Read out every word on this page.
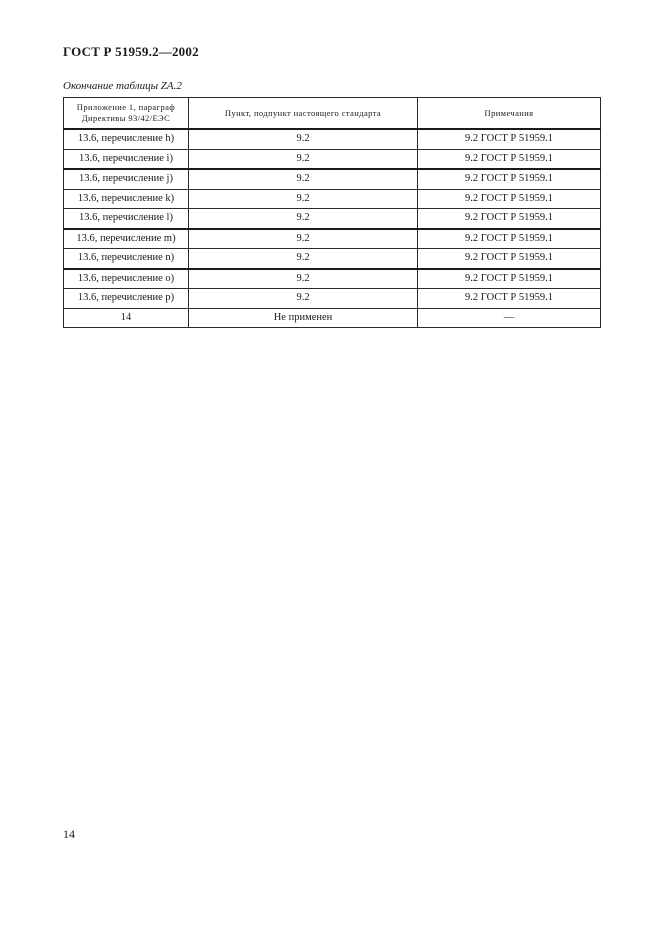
ГОСТ Р 51959.2—2002
Окончание таблицы ZA.2
Приложение 1, параграф
Директивы 93/42/ЕЭС	Пункт, подпункт настоящего стандарта	Примечания
13.6, перечисление h)	9.2	9.2 ГОСТ Р 51959.1
13.6, перечисление i)	9.2	9.2 ГОСТ Р 51959.1
13.6, перечисление j)	9.2	9.2 ГОСТ Р 51959.1
13.6, перечисление k)	9.2	9.2 ГОСТ Р 51959.1
13.6, перечисление l)	9.2	9.2 ГОСТ Р 51959.1
13.6, перечисление m)	9.2	9.2 ГОСТ Р 51959.1
13.6, перечисление n)	9.2	9.2 ГОСТ Р 51959.1
13.6, перечисление o)	9.2	9.2 ГОСТ Р 51959.1
13.6, перечисление p)	9.2	9.2 ГОСТ Р 51959.1
14	Не применен	—
14
